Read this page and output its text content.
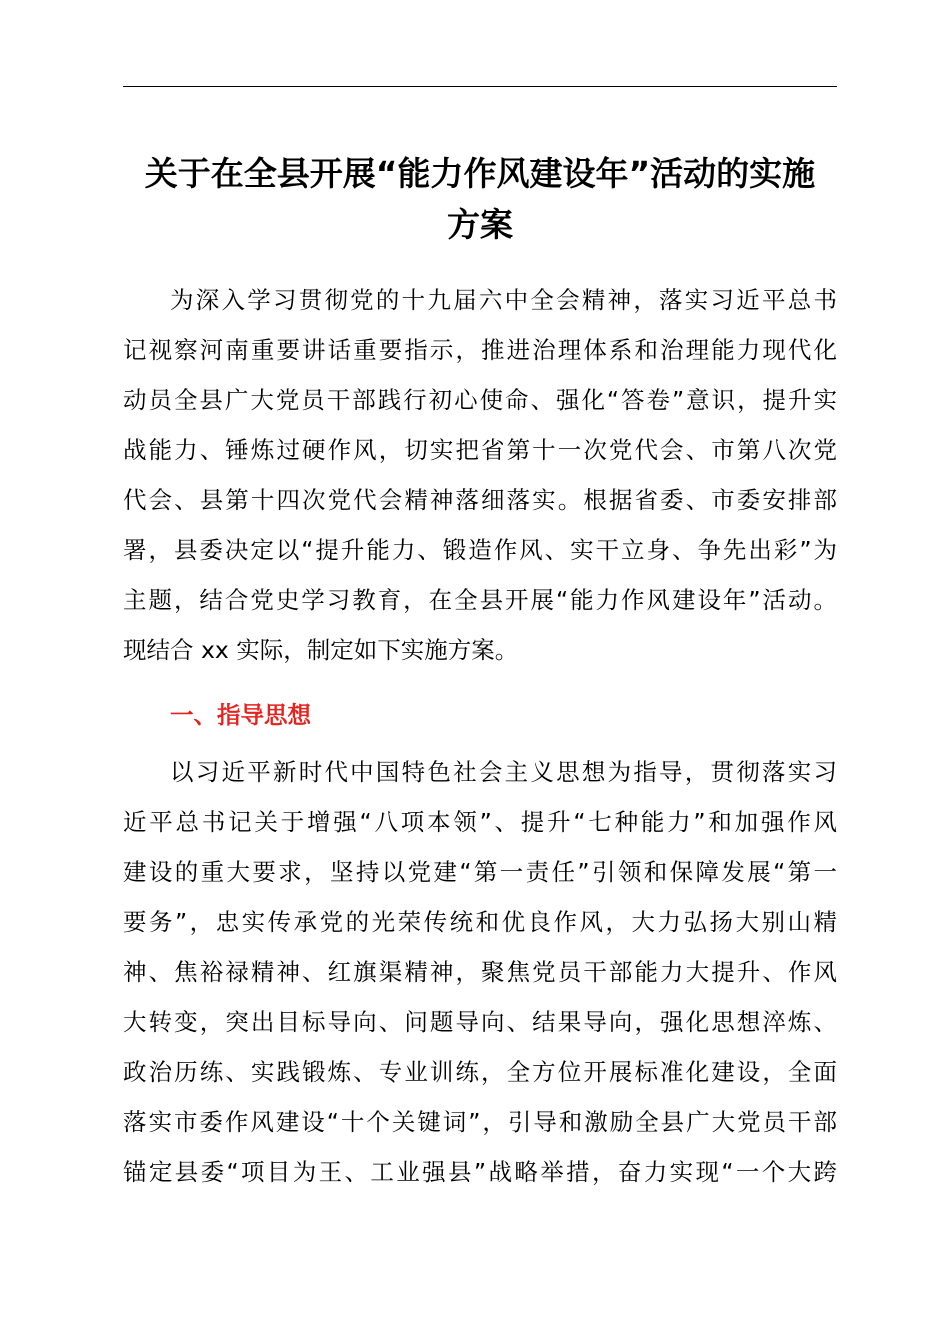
关于在全县开展“能力作风建设年”活动的实施
方案
为深入学习贯彻党的十九届六中全会精神，落实习近平总书
记视察河南重要讲话重要指示，推进治理体系和治理能力现代化
动员全县广大党员干部践行初心使命、强化“答卷”意识，提升实
战能力、锤炼过硬作风，切实把省第十一次党代会、市第八次党
代会、县第十四次党代会精神落细落实。根据省委、市委安排部
署，县委决定以“提升能力、锻造作风、实干立身、争先出彩”为
主题，结合党史学习教育，在全县开展“能力作风建设年”活动。
现结合 xx 实际，制定如下实施方案。
一、指导思想
以习近平新时代中国特色社会主义思想为指导，贯彻落实习
近平总书记关于增强“八项本领”、提升“七种能力”和加强作风
建设的重大要求，坚持以党建“第一责任”引领和保障发展“第一
要务”，忠实传承党的光荣传统和优良作风，大力弘扬大别山精
神、焦裕禄精神、红旗渠精神，聚焦党员干部能力大提升、作风
大转变，突出目标导向、问题导向、结果导向，强化思想淬炼、
政治历练、实践锻炼、专业训练，全方位开展标准化建设，全面
落实市委作风建设“十个关键词”，引导和激励全县广大党员干部
锚定县委“项目为王、工业强县”战略举措，奋力实现“一个大跨
